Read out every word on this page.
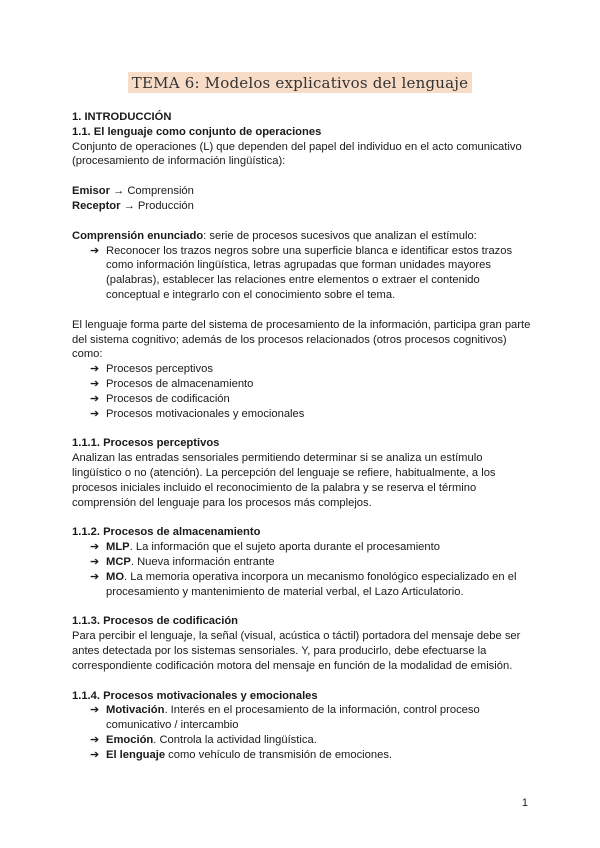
TEMA 6: Modelos explicativos del lenguaje

1. INTRODUCCIÓN

1.1. El lenguaje como conjunto de operaciones

Conjunto de operaciones (L) que dependen del papel del individuo en el acto comunicativo (procesamiento de información lingüística):

Emisor → Comprensión

Receptor → Producción

Comprensión enunciado: serie de procesos sucesivos que analizan el estímulo:

➔ Reconocer los trazos negros sobre una superficie blanca e identificar estos trazos como información lingüística, letras agrupadas que forman unidades mayores (palabras), establecer las relaciones entre elementos o extraer el contenido conceptual e integrarlo con el conocimiento sobre el tema.

El lenguaje forma parte del sistema de procesamiento de la información, participa gran parte del sistema cognitivo; además de los procesos relacionados (otros procesos cognitivos) como:

➔ Procesos perceptivos
➔ Procesos de almacenamiento
➔ Procesos de codificación
➔ Procesos motivacionales y emocionales

1.1.1. Procesos perceptivos

Analizan las entradas sensoriales permitiendo determinar si se analiza un estímulo lingüístico o no (atención). La percepción del lenguaje se refiere, habitualmente, a los procesos iniciales incluido el reconocimiento de la palabra y se reserva el término comprensión del lenguaje para los procesos más complejos.

1.1.2. Procesos de almacenamiento

➔ MLP. La información que el sujeto aporta durante el procesamiento
➔ MCP. Nueva información entrante
➔ MO. La memoria operativa incorpora un mecanismo fonológico especializado en el procesamiento y mantenimiento de material verbal, el Lazo Articulatorio.

1.1.3. Procesos de codificación

Para percibir el lenguaje, la señal (visual, acústica o táctil) portadora del mensaje debe ser antes detectada por los sistemas sensoriales. Y, para producirlo, debe efectuarse la correspondiente codificación motora del mensaje en función de la modalidad de emisión.

1.1.4. Procesos motivacionales y emocionales

➔ Motivación. Interés en el procesamiento de la información, control proceso comunicativo / intercambio
➔ Emoción. Controla la actividad lingüística.
➔ El lenguaje como vehículo de transmisión de emociones.
1
